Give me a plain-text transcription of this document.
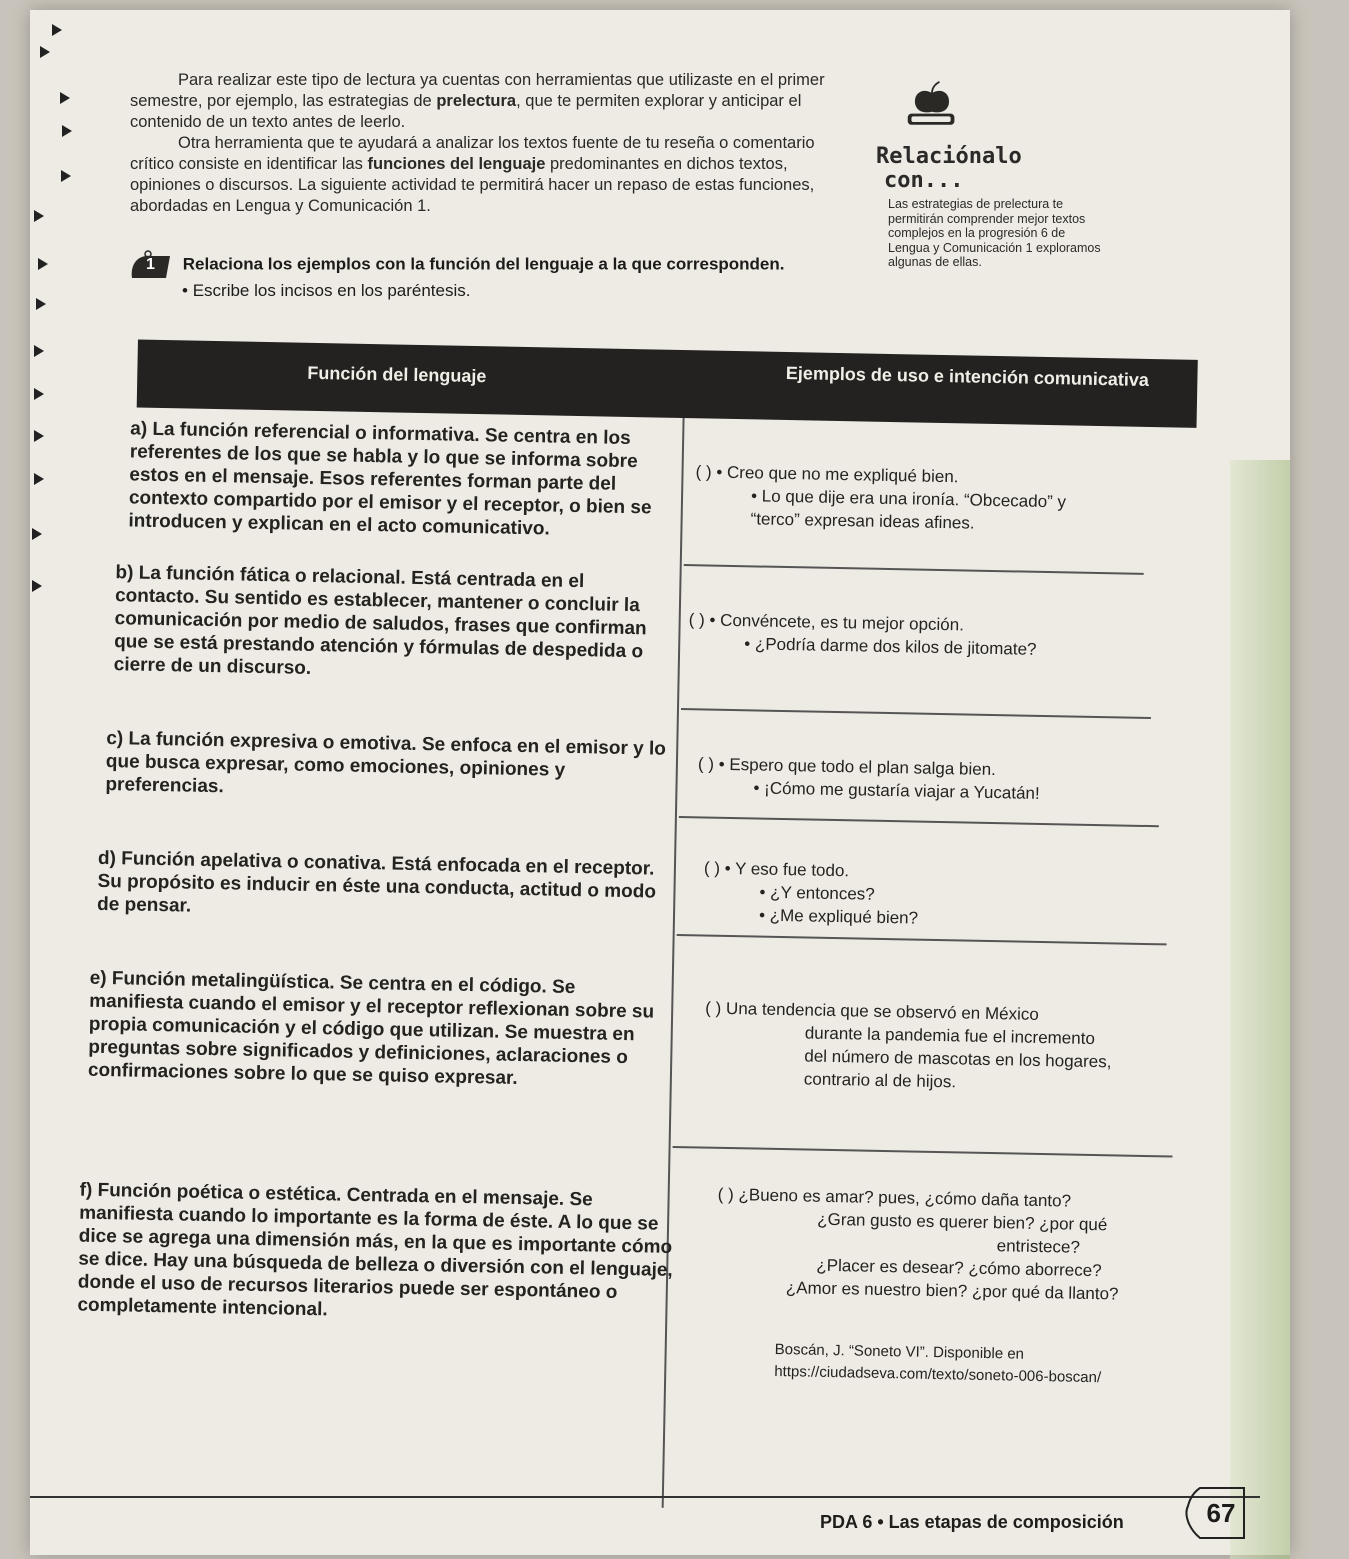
Para realizar este tipo de lectura ya cuentas con herramientas que utilizaste en el primer semestre, por ejemplo, las estrategias de prelectura, que te permiten explorar y anticipar el contenido de un texto antes de leerlo.

Otra herramienta que te ayudará a analizar los textos fuente de tu reseña o comentario crítico consiste en identificar las funciones del lenguaje predominantes en dichos textos, opiniones o discursos. La siguiente actividad te permitirá hacer un repaso de estas funciones, abordadas en Lengua y Comunicación 1.

Relaciónalo
con...
Las estrategias de prelectura te permitirán comprender mejor textos complejos en la progresión 6 de Lengua y Comunicación 1 exploramos algunas de ellas.
1 Relaciona los ejemplos con la función del lenguaje a la que corresponden.
• Escribe los incisos en los paréntesis.
Función del lenguaje	Ejemplos de uso e intención comunicativa
a) La función referencial o informativa. Se centra en los referentes de los que se habla y lo que se informa sobre estos en el mensaje. Esos referentes forman parte del contexto compartido por el emisor y el receptor, o bien se introducen y explican en el acto comunicativo.
( ) • Creo que no me expliqué bien.
• Lo que dije era una ironía. “Obcecado” y “terco” expresan ideas afines.
b) La función fática o relacional. Está centrada en el contacto. Su sentido es establecer, mantener o concluir la comunicación por medio de saludos, frases que confirman que se está prestando atención y fórmulas de despedida o cierre de un discurso.
( ) • Convéncete, es tu mejor opción.
• ¿Podría darme dos kilos de jitomate?
c) La función expresiva o emotiva. Se enfoca en el emisor y lo que busca expresar, como emociones, opiniones y preferencias.
( ) • Espero que todo el plan salga bien.
• ¡Cómo me gustaría viajar a Yucatán!
d) Función apelativa o conativa. Está enfocada en el receptor. Su propósito es inducir en éste una conducta, actitud o modo de pensar.
( ) • Y eso fue todo.
• ¿Y entonces?
• ¿Me expliqué bien?
e) Función metalingüística. Se centra en el código. Se manifiesta cuando el emisor y el receptor reflexionan sobre su propia comunicación y el código que utilizan. Se muestra en preguntas sobre significados y definiciones, aclaraciones o confirmaciones sobre lo que se quiso expresar.
( ) Una tendencia que se observó en México
durante la pandemia fue el incremento
del número de mascotas en los hogares,
contrario al de hijos.
f) Función poética o estética. Centrada en el mensaje. Se manifiesta cuando lo importante es la forma de éste. A lo que se dice se agrega una dimensión más, en la que es importante cómo se dice. Hay una búsqueda de belleza o diversión con el lenguaje, donde el uso de recursos literarios puede ser espontáneo o completamente intencional.
( ) ¿Bueno es amar? pues, ¿cómo daña tanto?
¿Gran gusto es querer bien? ¿por qué
entristece?
¿Placer es desear? ¿cómo aborrece?
¿Amor es nuestro bien? ¿por qué da llanto?
Boscán, J. “Soneto VI”. Disponible en https://ciudadseva.com/texto/soneto-006-boscan/
PDA 6 • Las etapas de composición	67
